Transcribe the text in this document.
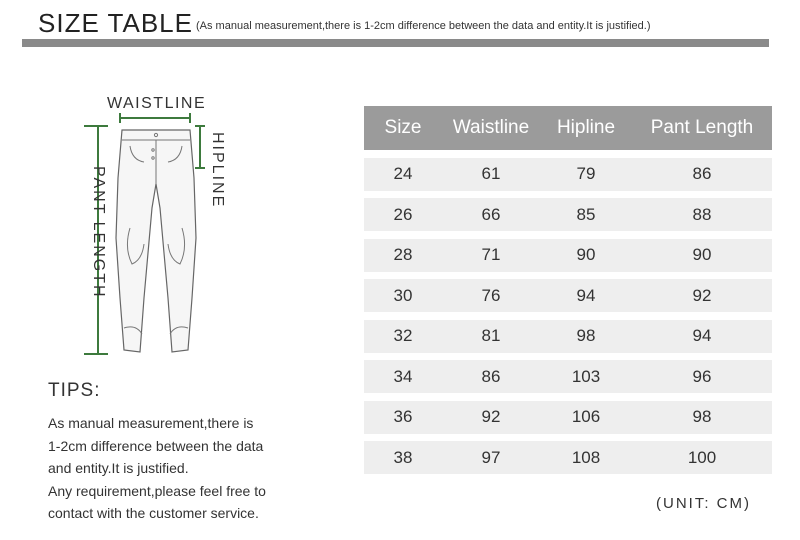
SIZE TABLE (As manual measurement,there is 1-2cm difference between the data and entity.It is justified.)
WAISTLINE
HIPLINE
PANT LENGTH
TIPS:
As manual measurement,there is
1-2cm difference between the data
and entity.It is justified.
Any requirement,please feel free to
contact with the customer service.
Size	Waistline	Hipline	Pant Length
24	61	79	86
26	66	85	88
28	71	90	90
30	76	94	92
32	81	98	94
34	86	103	96
36	92	106	98
38	97	108	100
(UNIT: CM)
